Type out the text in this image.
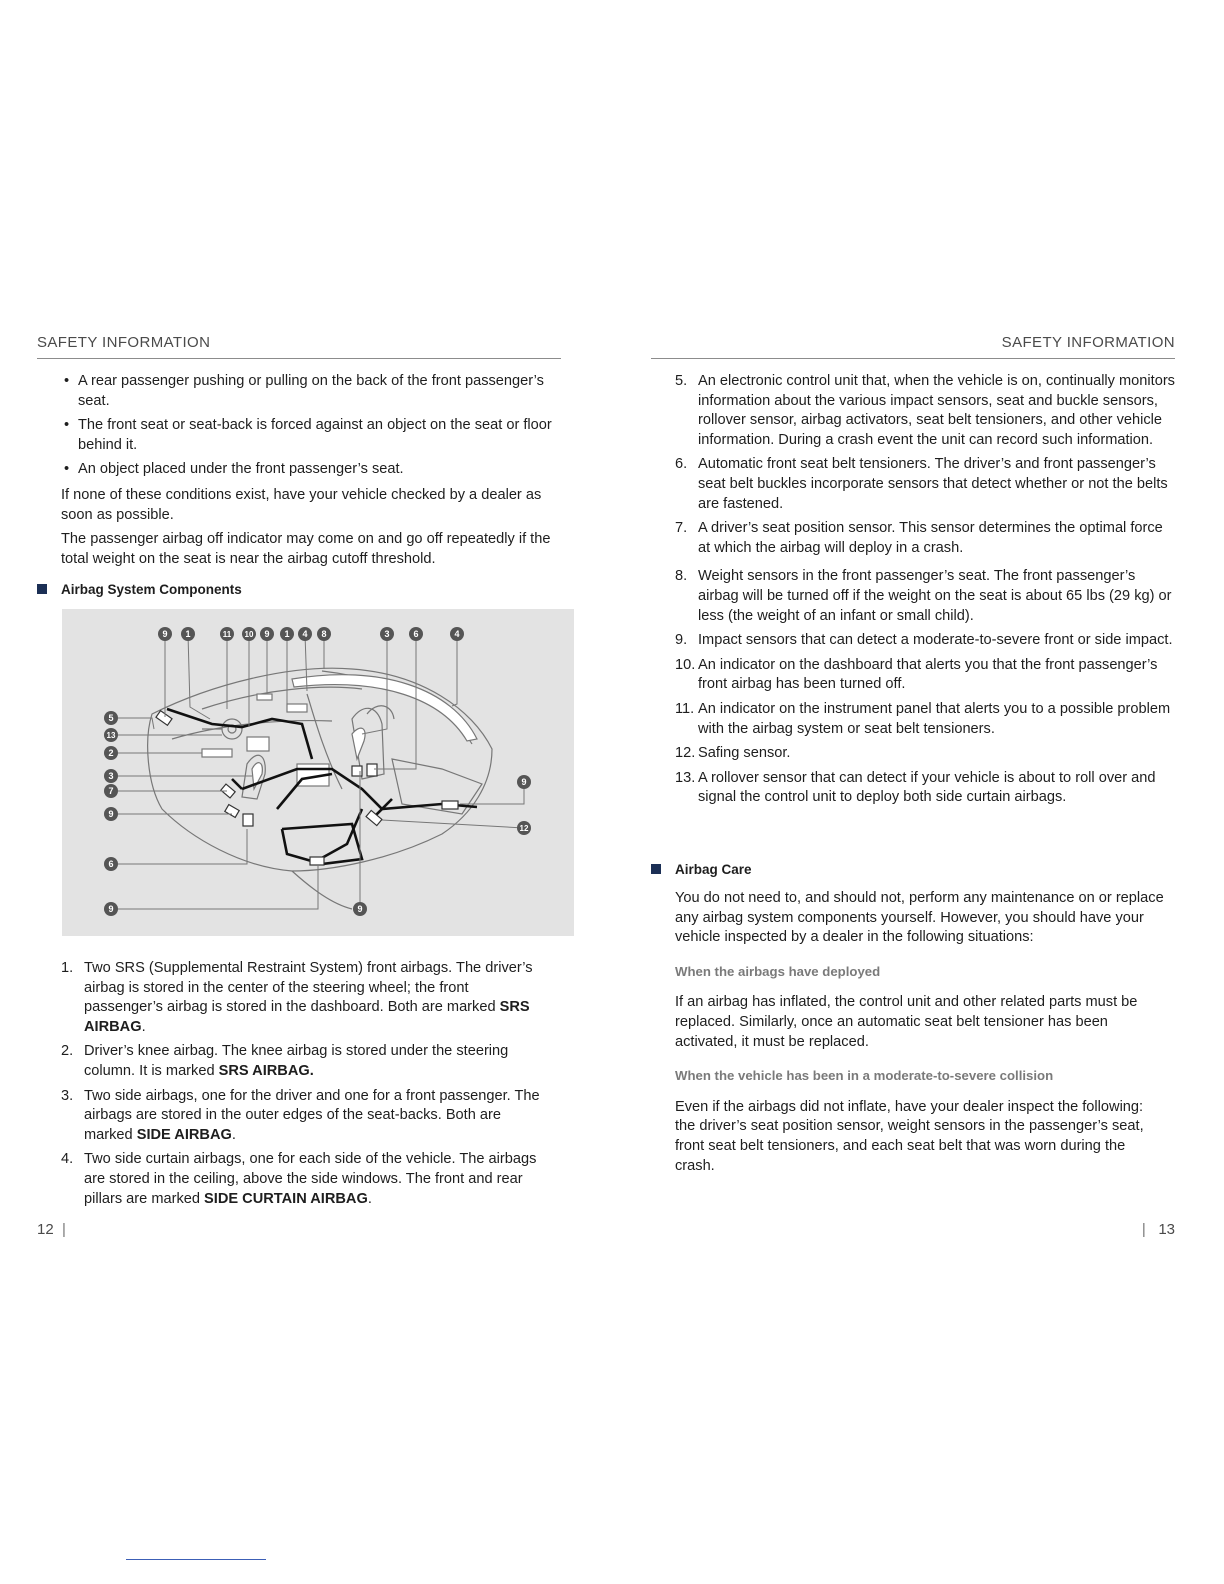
SAFETY INFORMATION
• A rear passenger pushing or pulling on the back of the front passenger’s seat.
• The front seat or seat-back is forced against an object on the seat or floor behind it.
• An object placed under the front passenger’s seat.

If none of these conditions exist, have your vehicle checked by a dealer as soon as possible.

The passenger airbag off indicator may come on and go off repeatedly if the total weight on the seat is near the airbag cutoff threshold.

Airbag System Components
9 1	11 10 9 1 4 8	3	6	4
5
13
2
3
7
9
6
9
9
12
9
1. Two SRS (Supplemental Restraint System) front airbags. The driver’s airbag is stored in the center of the steering wheel; the front passenger’s airbag is stored in the dashboard. Both are marked SRS AIRBAG.
2. Driver’s knee airbag. The knee airbag is stored under the steering column. It is marked SRS AIRBAG.
3. Two side airbags, one for the driver and one for a front passenger. The airbags are stored in the outer edges of the seat-backs. Both are marked SIDE AIRBAG.
4. Two side curtain airbags, one for each side of the vehicle. The airbags are stored in the ceiling, above the side windows. The front and rear pillars are marked SIDE CURTAIN AIRBAG.
12 |
SAFETY INFORMATION
5. An electronic control unit that, when the vehicle is on, continually monitors information about the various impact sensors, seat and buckle sensors, rollover sensor, airbag activators, seat belt tensioners, and other vehicle information. During a crash event the unit can record such information.
6. Automatic front seat belt tensioners. The driver’s and front passenger’s seat belt buckles incorporate sensors that detect whether or not the belts are fastened.
7. A driver’s seat position sensor. This sensor determines the optimal force at which the airbag will deploy in a crash.
8. Weight sensors in the front passenger’s seat. The front passenger’s airbag will be turned off if the weight on the seat is about 65 lbs (29 kg) or less (the weight of an infant or small child).
9. Impact sensors that can detect a moderate-to-severe front or side impact.
10. An indicator on the dashboard that alerts you that the front passenger’s front airbag has been turned off.
11. An indicator on the instrument panel that alerts you to a possible problem with the airbag system or seat belt tensioners.
12. Safing sensor.
13. A rollover sensor that can detect if your vehicle is about to roll over and signal the control unit to deploy both side curtain airbags.
Airbag Care

You do not need to, and should not, perform any maintenance on or replace any airbag system components yourself. However, you should have your vehicle inspected by a dealer in the following situations:

When the airbags have deployed

If an airbag has inflated, the control unit and other related parts must be replaced. Similarly, once an automatic seat belt tensioner has been activated, it must be replaced.

When the vehicle has been in a moderate-to-severe collision

Even if the airbags did not inflate, have your dealer inspect the following: the driver’s seat position sensor, weight sensors in the passenger’s seat, front seat belt tensioners, and each seat belt that was worn during the crash.

| 13
